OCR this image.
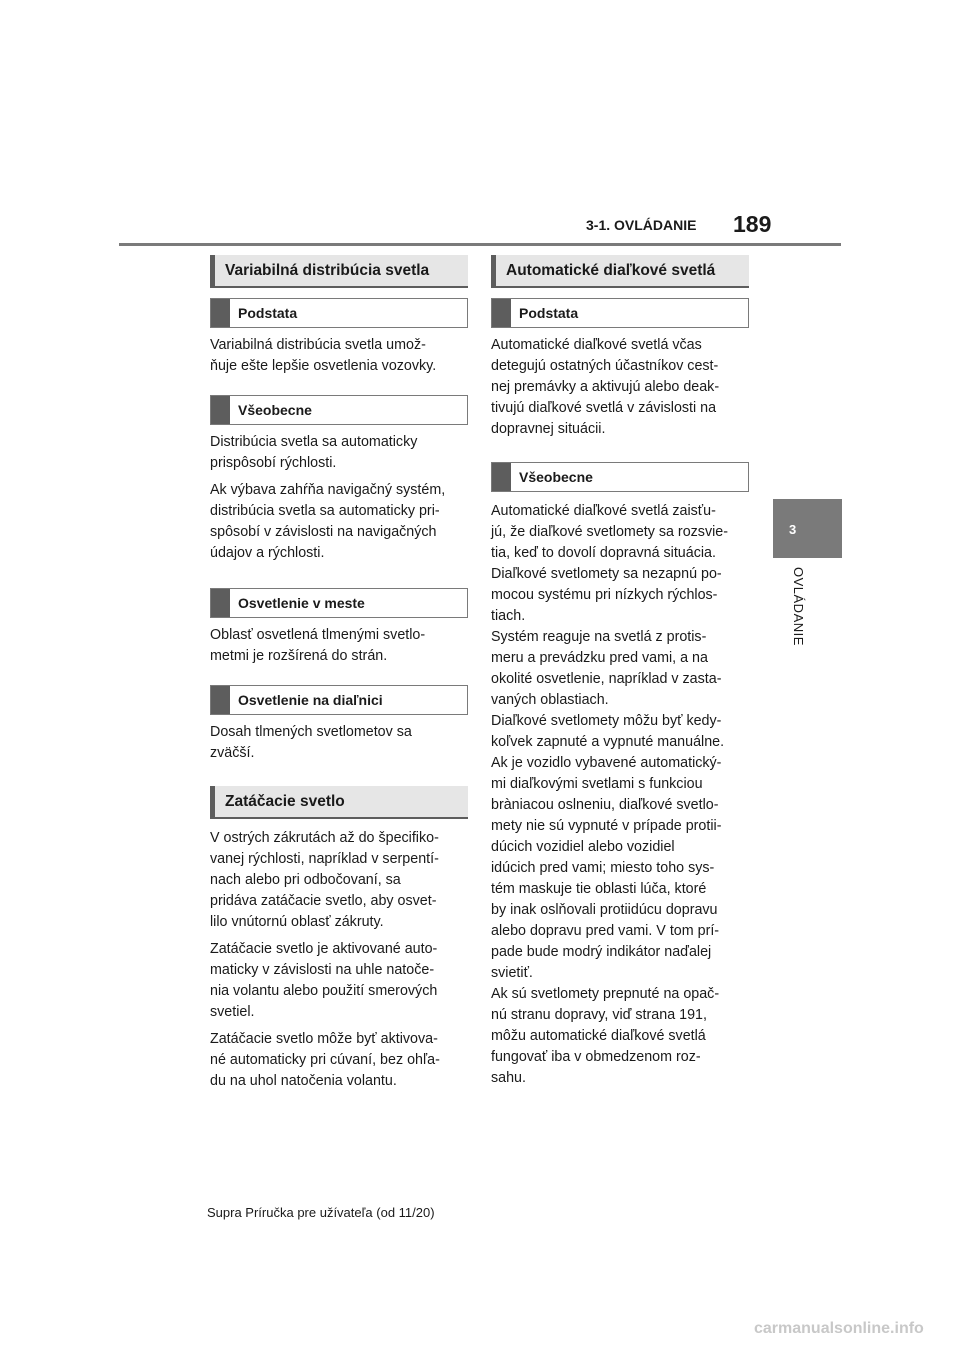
3-1. OVLÁDANIE 189
3
OVLÁDANIE
Variabilná distribúcia svetla
Podstata
Variabilná distribúcia svetla umož-
ňuje ešte lepšie osvetlenia vozovky.
Všeobecne
Distribúcia svetla sa automaticky
prispôsobí rýchlosti.
Ak výbava zahŕňa navigačný systém,
distribúcia svetla sa automaticky pri-
spôsobí v závislosti na navigačných
údajov a rýchlosti.
Osvetlenie v meste
Oblasť osvetlená tlmenými svetlo-
metmi je rozšírená do strán.
Osvetlenie na diaľnici
Dosah tlmených svetlometov sa
zväčší.
Zatáčacie svetlo
V ostrých zákrutách až do špecifiko-
vanej rýchlosti, napríklad v serpentí-
nach alebo pri odbočovaní, sa
pridáva zatáčacie svetlo, aby osvet-
lilo vnútornú oblasť zákruty.
Zatáčacie svetlo je aktivované auto-
maticky v závislosti na uhle natoče-
nia volantu alebo použití smerových
svetiel.
Zatáčacie svetlo môže byť aktivova-
né automaticky pri cúvaní, bez ohľa-
du na uhol natočenia volantu.
Automatické diaľkové svetlá
Podstata
Automatické diaľkové svetlá včas
detegujú ostatných účastníkov cest-
nej premávky a aktivujú alebo deak-
tivujú diaľkové svetlá v závislosti na
dopravnej situácii.
Všeobecne
Automatické diaľkové svetlá zaisťu-
jú, že diaľkové svetlomety sa rozsvie-
tia, keď to dovolí dopravná situácia.
Diaľkové svetlomety sa nezapnú po-
mocou systému pri nízkych rýchlos-
tiach.
Systém reaguje na svetlá z protis-
meru a prevádzku pred vami, a na
okolité osvetlenie, napríklad v zasta-
vaných oblastiach.
Diaľkové svetlomety môžu byť kedy-
koľvek zapnuté a vypnuté manuálne.
Ak je vozidlo vybavené automatický-
mi diaľkovými svetlami s funkciou
bràniacou oslneniu, diaľkové svetlo-
mety nie sú vypnuté v prípade protii-
dúcich vozidiel alebo vozidiel
idúcich pred vami; miesto toho sys-
tém maskuje tie oblasti lúča, ktoré
by inak oslňovali protiidúcu dopravu
alebo dopravu pred vami. V tom prí-
pade bude modrý indikátor naďalej
svietiť.
Ak sú svetlomety prepnuté na opač-
nú stranu dopravy, viď strana 191,
môžu automatické diaľkové svetlá
fungovať iba v obmedzenom roz-
sahu.
Supra Príručka pre užívateľa (od 11/20)
carmanualsonline.info
